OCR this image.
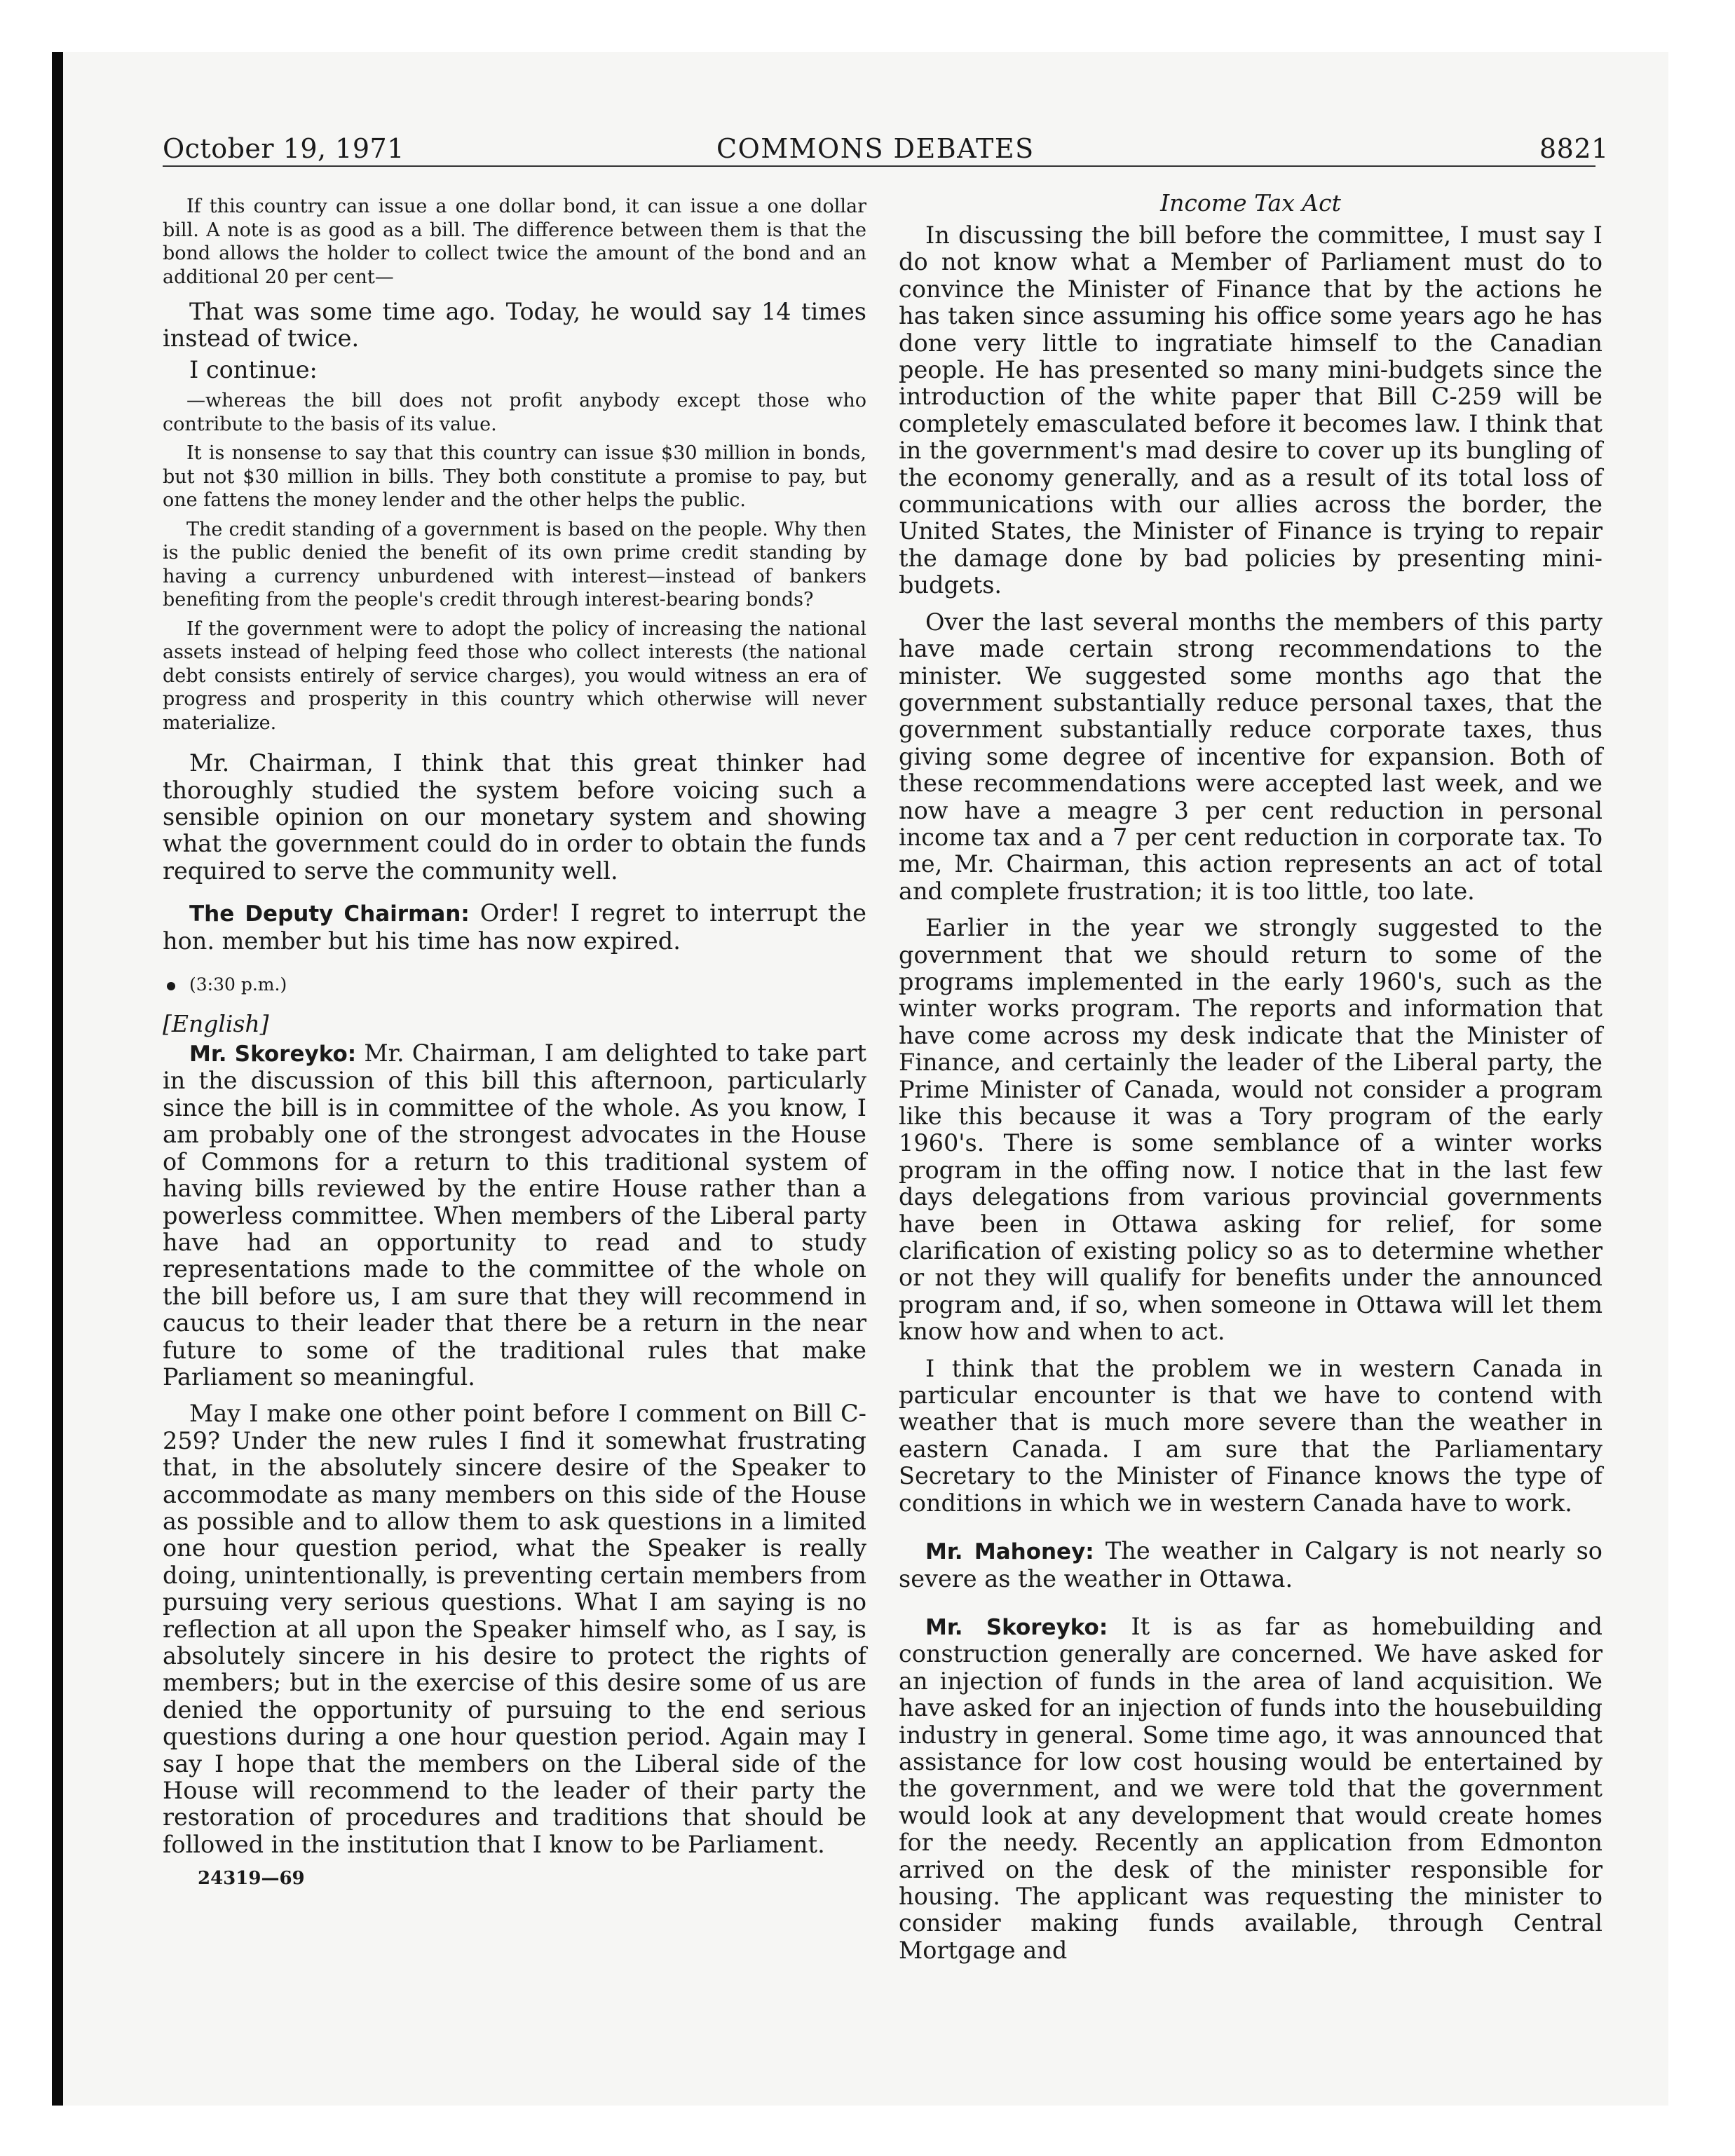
October 19, 1971	COMMONS DEBATES	8821

If this country can issue a one dollar bond, it can issue a one dollar bill. A note is as good as a bill. The difference between them is that the bond allows the holder to collect twice the amount of the bond and an additional 20 per cent—

That was some time ago. Today, he would say 14 times instead of twice.

I continue:

—whereas the bill does not profit anybody except those who contribute to the basis of its value.

It is nonsense to say that this country can issue $30 million in bonds, but not $30 million in bills. They both constitute a promise to pay, but one fattens the money lender and the other helps the public.

The credit standing of a government is based on the people. Why then is the public denied the benefit of its own prime credit standing by having a currency unburdened with interest—instead of bankers benefiting from the people's credit through interest-bearing bonds?

If the government were to adopt the policy of increasing the national assets instead of helping feed those who collect interests (the national debt consists entirely of service charges), you would witness an era of progress and prosperity in this country which otherwise will never materialize.

Mr. Chairman, I think that this great thinker had thoroughly studied the system before voicing such a sensible opinion on our monetary system and showing what the government could do in order to obtain the funds required to serve the community well.

The Deputy Chairman: Order! I regret to interrupt the hon. member but his time has now expired.

(3:30 p.m.)

[English]

Mr. Skoreyko: Mr. Chairman, I am delighted to take part in the discussion of this bill this afternoon, particularly since the bill is in committee of the whole. As you know, I am probably one of the strongest advocates in the House of Commons for a return to this traditional system of having bills reviewed by the entire House rather than a powerless committee. When members of the Liberal party have had an opportunity to read and to study representations made to the committee of the whole on the bill before us, I am sure that they will recommend in caucus to their leader that there be a return in the near future to some of the traditional rules that make Parliament so meaningful.

May I make one other point before I comment on Bill C-259? Under the new rules I find it somewhat frustrating that, in the absolutely sincere desire of the Speaker to accommodate as many members on this side of the House as possible and to allow them to ask questions in a limited one hour question period, what the Speaker is really doing, unintentionally, is preventing certain members from pursuing very serious questions. What I am saying is no reflection at all upon the Speaker himself who, as I say, is absolutely sincere in his desire to protect the rights of members; but in the exercise of this desire some of us are denied the opportunity of pursuing to the end serious questions during a one hour question period. Again may I say I hope that the members on the Liberal side of the House will recommend to the leader of their party the restoration of procedures and traditions that should be followed in the institution that I know to be Parliament.

24319—69

Income Tax Act

In discussing the bill before the committee, I must say I do not know what a Member of Parliament must do to convince the Minister of Finance that by the actions he has taken since assuming his office some years ago he has done very little to ingratiate himself to the Canadian people. He has presented so many mini-budgets since the introduction of the white paper that Bill C-259 will be completely emasculated before it becomes law. I think that in the government's mad desire to cover up its bungling of the economy generally, and as a result of its total loss of communications with our allies across the border, the United States, the Minister of Finance is trying to repair the damage done by bad policies by presenting mini-budgets.

Over the last several months the members of this party have made certain strong recommendations to the minister. We suggested some months ago that the government substantially reduce personal taxes, that the government substantially reduce corporate taxes, thus giving some degree of incentive for expansion. Both of these recommendations were accepted last week, and we now have a meagre 3 per cent reduction in personal income tax and a 7 per cent reduction in corporate tax. To me, Mr. Chairman, this action represents an act of total and complete frustration; it is too little, too late.

Earlier in the year we strongly suggested to the government that we should return to some of the programs implemented in the early 1960's, such as the winter works program. The reports and information that have come across my desk indicate that the Minister of Finance, and certainly the leader of the Liberal party, the Prime Minister of Canada, would not consider a program like this because it was a Tory program of the early 1960's. There is some semblance of a winter works program in the offing now. I notice that in the last few days delegations from various provincial governments have been in Ottawa asking for relief, for some clarification of existing policy so as to determine whether or not they will qualify for benefits under the announced program and, if so, when someone in Ottawa will let them know how and when to act.

I think that the problem we in western Canada in particular encounter is that we have to contend with weather that is much more severe than the weather in eastern Canada. I am sure that the Parliamentary Secretary to the Minister of Finance knows the type of conditions in which we in western Canada have to work.

Mr. Mahoney: The weather in Calgary is not nearly so severe as the weather in Ottawa.

Mr. Skoreyko: It is as far as homebuilding and construction generally are concerned. We have asked for an injection of funds in the area of land acquisition. We have asked for an injection of funds into the housebuilding industry in general. Some time ago, it was announced that assistance for low cost housing would be entertained by the government, and we were told that the government would look at any development that would create homes for the needy. Recently an application from Edmonton arrived on the desk of the minister responsible for housing. The applicant was requesting the minister to consider making funds available, through Central Mortgage and
